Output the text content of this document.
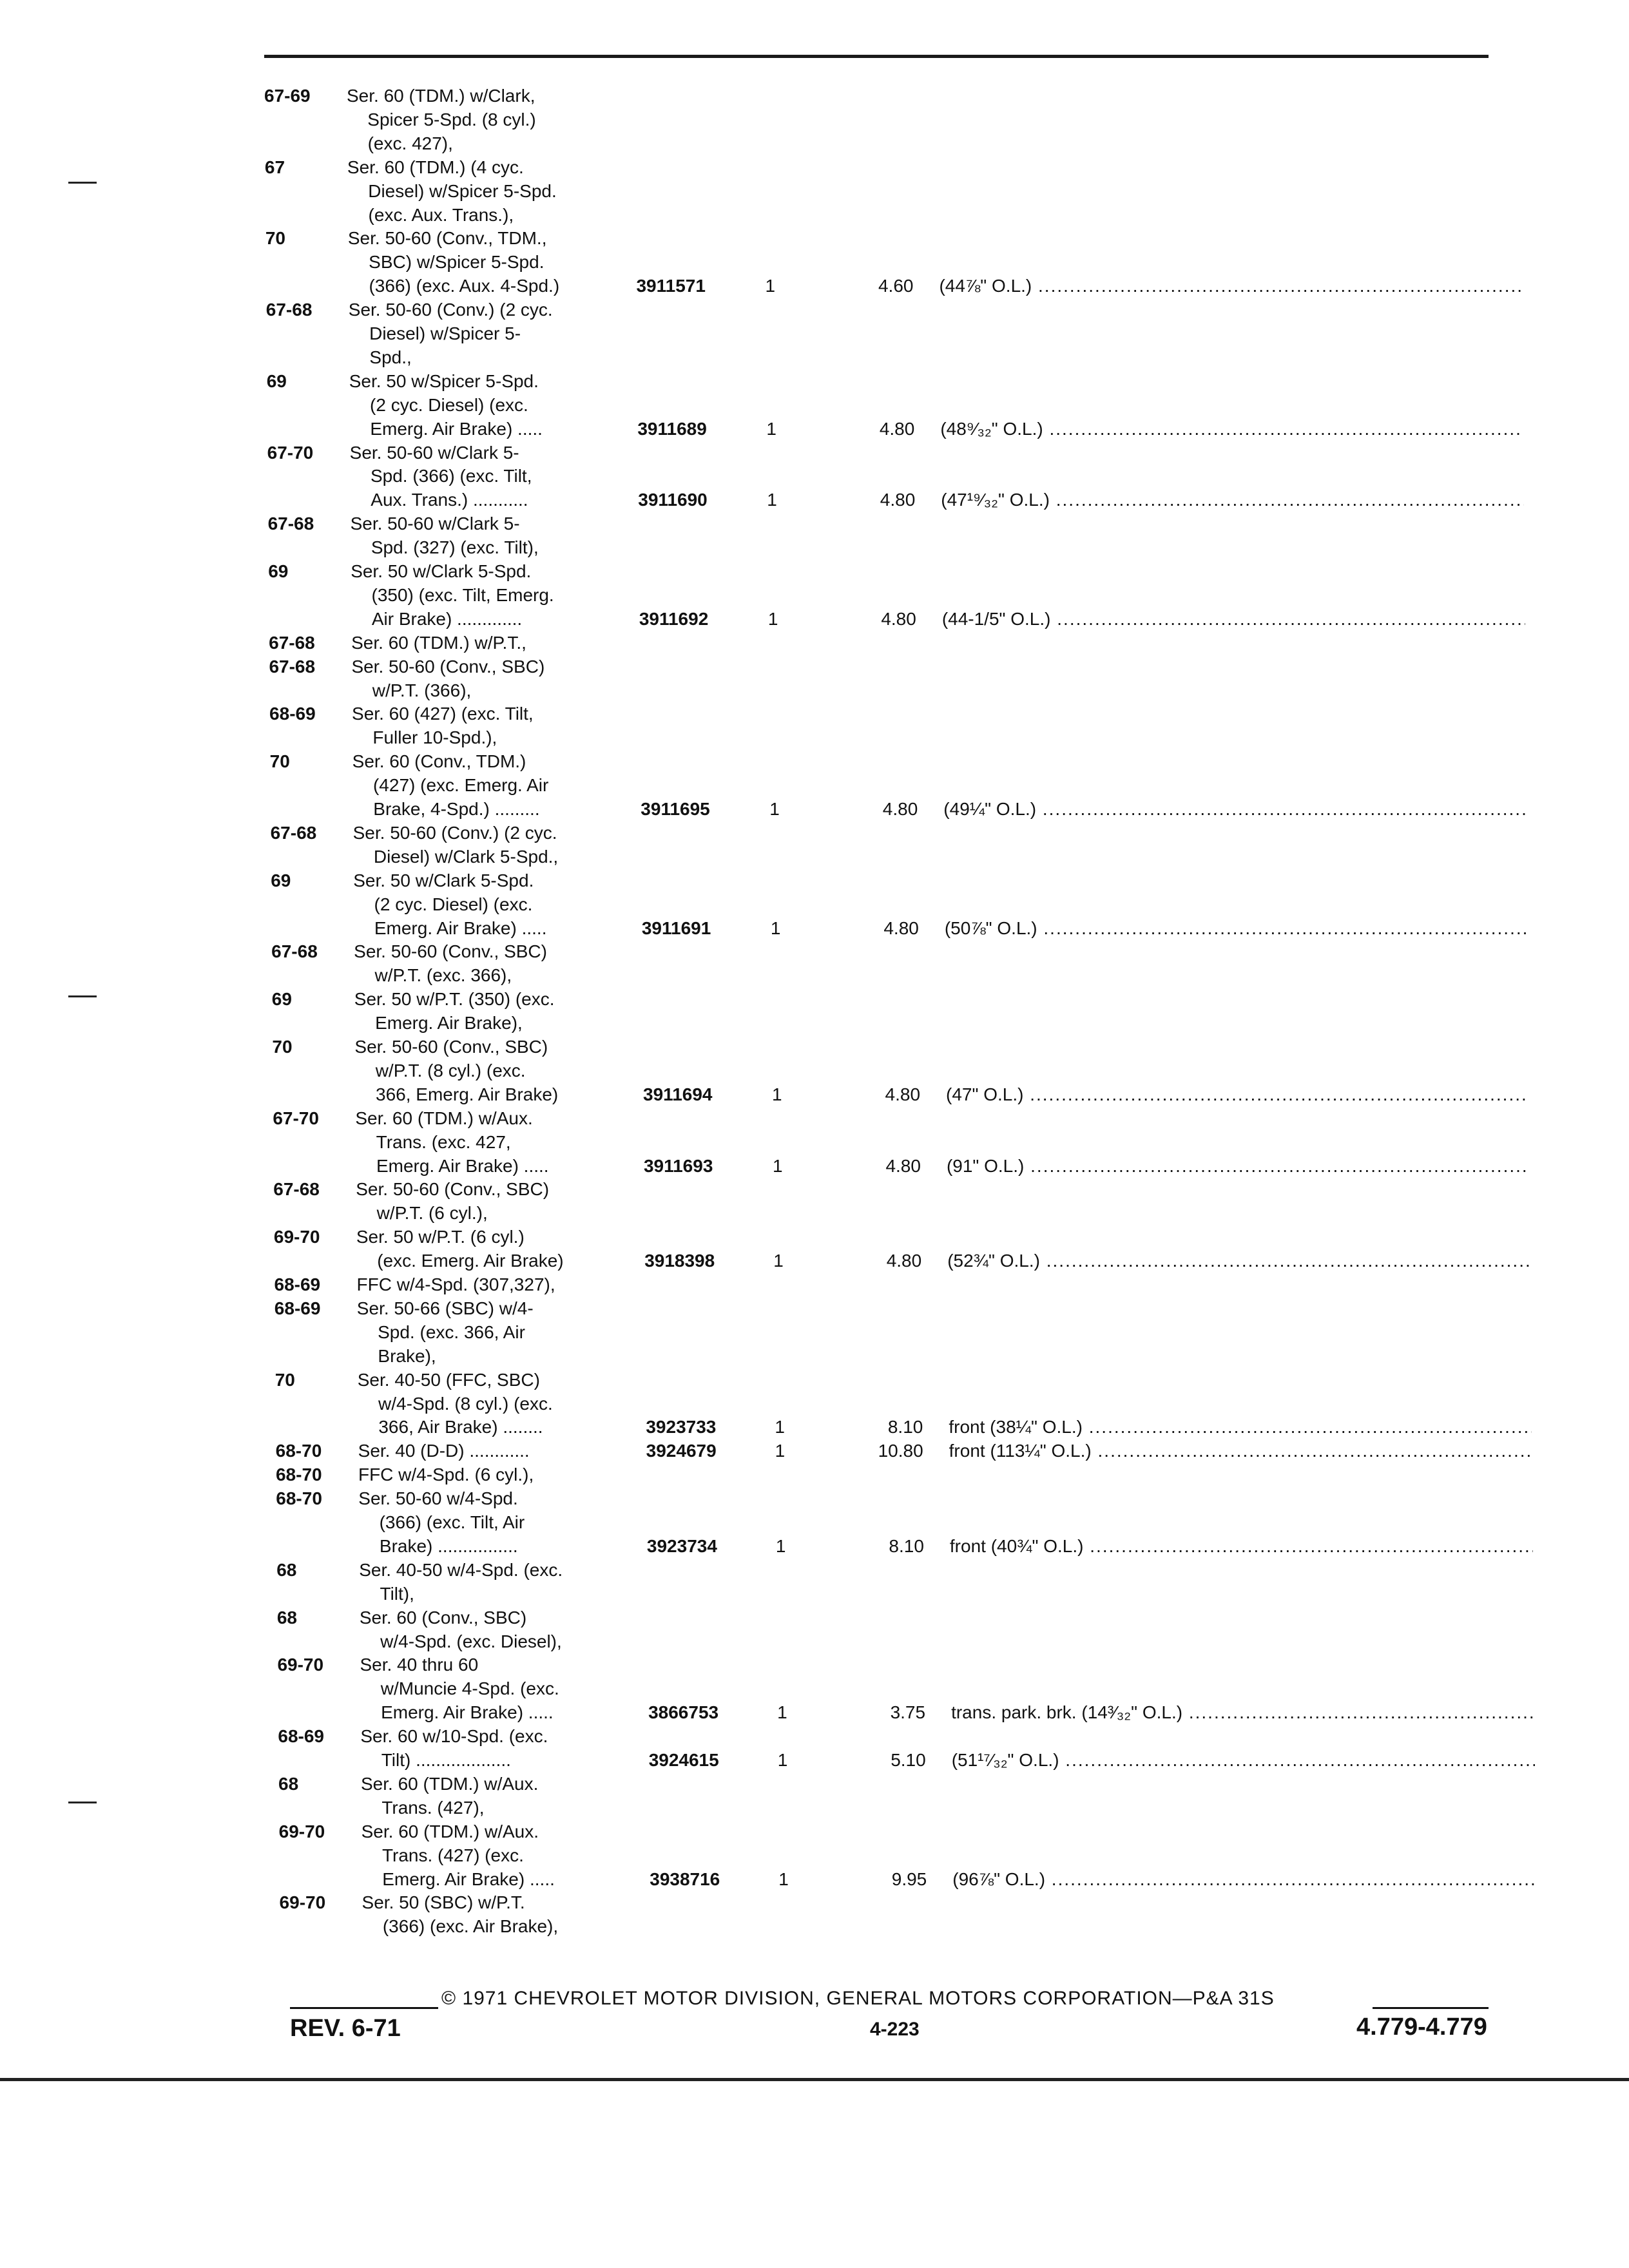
67-69 Ser. 60 (TDM.) w/Clark,
Spicer 5-Spd. (8 cyl.)
(exc. 427),
67	Ser. 60 (TDM.) (4 cyc.
Diesel) w/Spicer 5-Spd.
(exc. Aux. Trans.),
70	Ser. 50-60 (Conv., TDM.,
SBC) w/Spicer 5-Spd.
(366) (exc. Aux. 4-Spd.)	3911571	1	4.60 (44⅞" O.L.) .....
67-68 Ser. 50-60 (Conv.) (2 cyc.
Diesel) w/Spicer 5-
Spd.,
69	Ser. 50 w/Spicer 5-Spd.
(2 cyc. Diesel) (exc.
Emerg. Air Brake) .....	3911689	1	4.80 (48⁹⁄₃₂" O.L.) .....
67-70 Ser. 50-60 w/Clark 5-
Spd. (366) (exc. Tilt,
Aux. Trans.) ...........	3911690	1	4.80 (47¹⁹⁄₃₂" O.L.) .....
67-68 Ser. 50-60 w/Clark 5-
Spd. (327) (exc. Tilt),
69	Ser. 50 w/Clark 5-Spd.
(350) (exc. Tilt, Emerg.
Air Brake) .............	3911692	1	4.80 (44-1/5" O.L.) .....
67-68 Ser. 60 (TDM.) w/P.T.,
67-68 Ser. 50-60 (Conv., SBC)
w/P.T. (366),
68-69 Ser. 60 (427) (exc. Tilt,
Fuller 10-Spd.),
70	Ser. 60 (Conv., TDM.)
(427) (exc. Emerg. Air
Brake, 4-Spd.) .........	3911695	1	4.80 (49¼" O.L.) .....
67-68 Ser. 50-60 (Conv.) (2 cyc.
Diesel) w/Clark 5-Spd.,
69	Ser. 50 w/Clark 5-Spd.
(2 cyc. Diesel) (exc.
Emerg. Air Brake) .....	3911691	1	4.80 (50⅞" O.L.) .....
67-68 Ser. 50-60 (Conv., SBC)
w/P.T. (exc. 366),
69	Ser. 50 w/P.T. (350) (exc.
Emerg. Air Brake),
70	Ser. 50-60 (Conv., SBC)
w/P.T. (8 cyl.) (exc.
366, Emerg. Air Brake)	3911694	1	4.80 (47" O.L.) .....
67-70 Ser. 60 (TDM.) w/Aux.
Trans. (exc. 427,
Emerg. Air Brake) .....	3911693	1	4.80 (91" O.L.) .....
67-68 Ser. 50-60 (Conv., SBC)
w/P.T. (6 cyl.),
69-70 Ser. 50 w/P.T. (6 cyl.)
(exc. Emerg. Air Brake)	3918398	1	4.80 (52¾" O.L.) .....
68-69 FFC w/4-Spd. (307,327),
68-69 Ser. 50-66 (SBC) w/4-
Spd. (exc. 366, Air
Brake),
70	Ser. 40-50 (FFC, SBC)
w/4-Spd. (8 cyl.) (exc.
366, Air Brake) ........	3923733	1	8.10 front (38¼" O.L.) .....
68-70 Ser. 40 (D-D) ............	3924679	1	10.80 front (113¼" O.L.) .....
68-70 FFC w/4-Spd. (6 cyl.),
68-70 Ser. 50-60 w/4-Spd.
(366) (exc. Tilt, Air
Brake) ................	3923734	1	8.10 front (40¾" O.L.) .....
68	Ser. 40-50 w/4-Spd. (exc.
Tilt),
68	Ser. 60 (Conv., SBC)
w/4-Spd. (exc. Diesel),
69-70 Ser. 40 thru 60
w/Muncie 4-Spd. (exc.
Emerg. Air Brake) .....	3866753	1	3.75 trans. park. brk. (14³⁄₃₂" O.L.) .....
68-69 Ser. 60 w/10-Spd. (exc.
Tilt) ...................	3924615	1	5.10 (51¹⁷⁄₃₂" O.L.) .....
68	Ser. 60 (TDM.) w/Aux.
Trans. (427),
69-70 Ser. 60 (TDM.) w/Aux.
Trans. (427) (exc.
Emerg. Air Brake) .....	3938716	1	9.95 (96⅞" O.L.) .....
69-70 Ser. 50 (SBC) w/P.T.
(366) (exc. Air Brake),
© 1971 CHEVROLET MOTOR DIVISION, GENERAL MOTORS CORPORATION—P&A 31S
REV. 6-71	4-223	4.779-4.779
